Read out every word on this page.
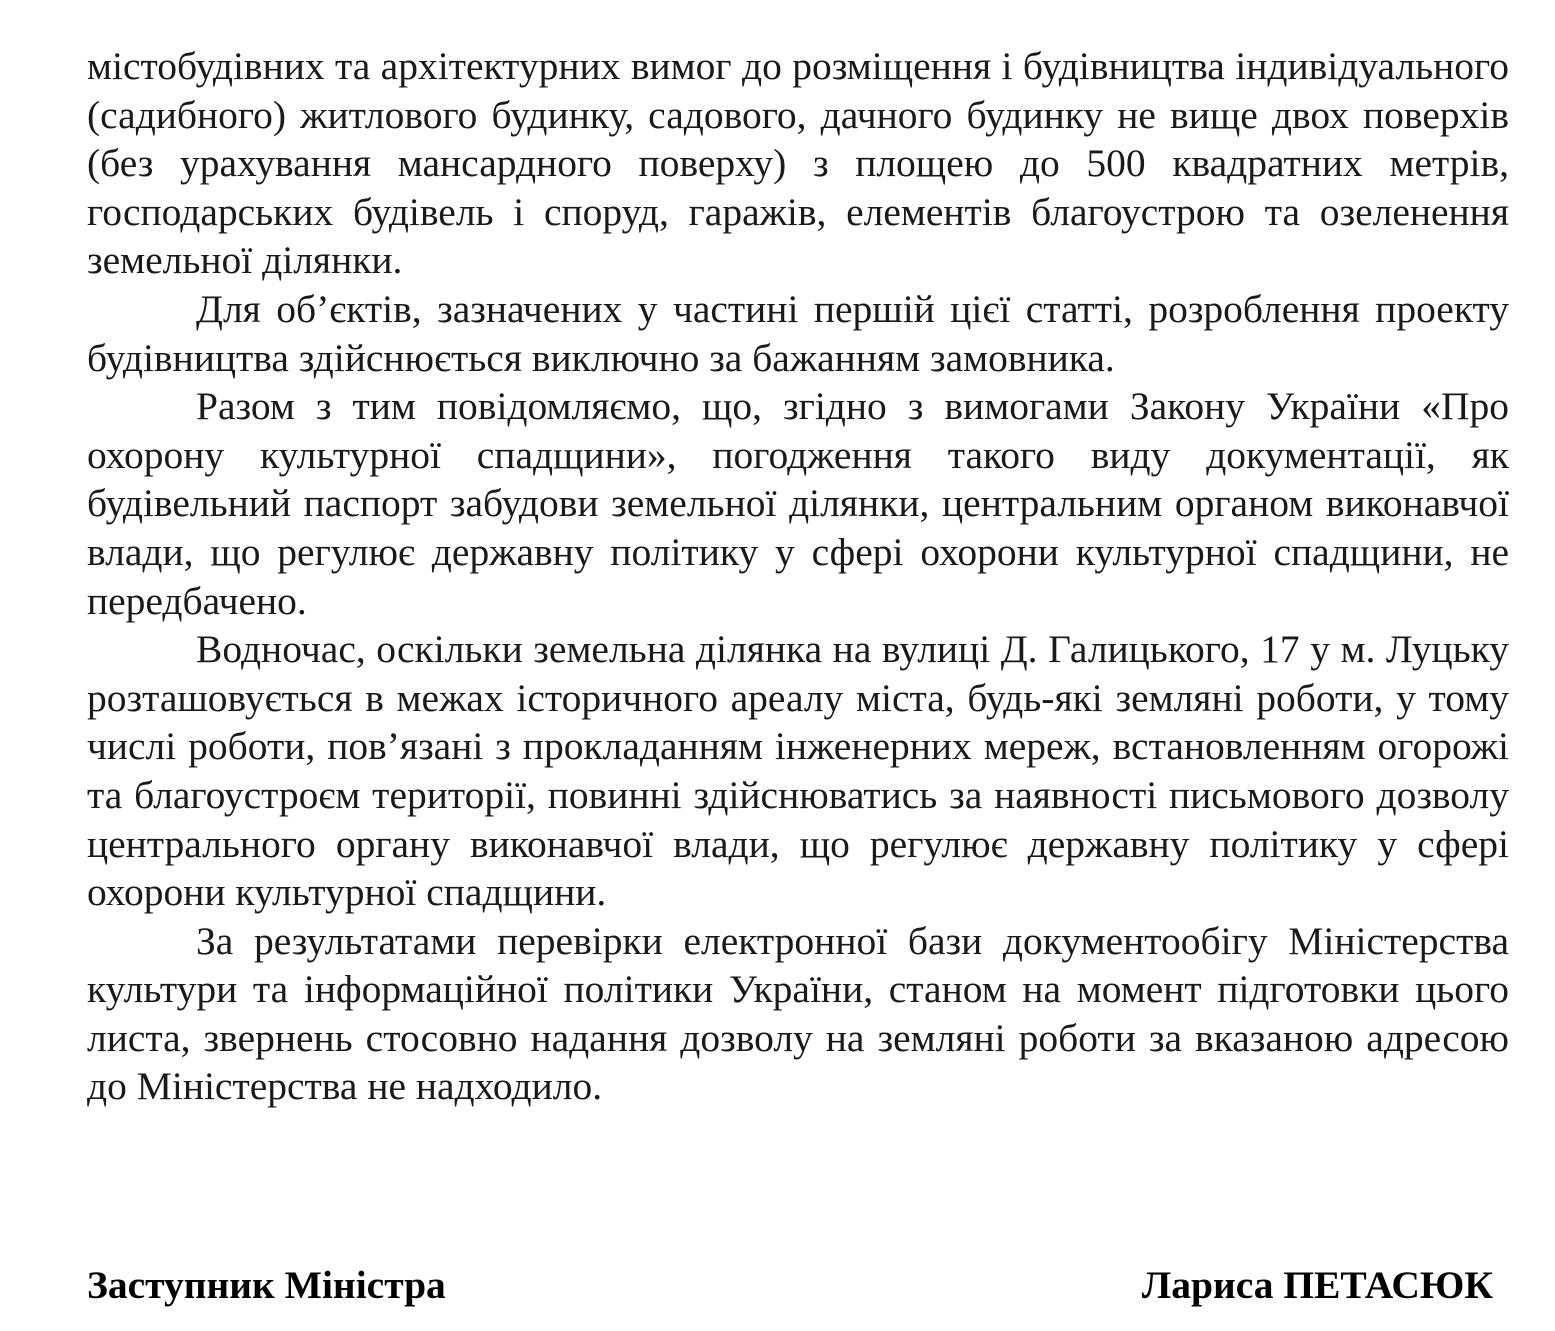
містобудівних та архітектурних вимог до розміщення і будівництва індивідуального (садибного) житлового будинку, садового, дачного будинку не вище двох поверхів (без урахування мансардного поверху) з площею до 500 квадратних метрів, господарських будівель і споруд, гаражів, елементів благоустрою та озеленення земельної ділянки.

Для об’єктів, зазначених у частині першій цієї статті, розроблення проекту будівництва здійснюється виключно за бажанням замовника.

Разом з тим повідомляємо, що, згідно з вимогами Закону України «Про охорону культурної спадщини», погодження такого виду документації, як будівельний паспорт забудови земельної ділянки, центральним органом виконавчої влади, що регулює державну політику у сфері охорони культурної спадщини, не передбачено.

Водночас, оскільки земельна ділянка на вулиці Д. Галицького, 17 у м. Луцьку розташовується в межах історичного ареалу міста, будь-які земляні роботи, у тому числі роботи, пов’язані з прокладанням інженерних мереж, встановленням огорожі та благоустроєм території, повинні здійснюватись за наявності письмового дозволу центрального органу виконавчої влади, що регулює державну політику у сфері охорони культурної спадщини.

За результатами перевірки електронної бази документообігу Міністерства культури та інформаційної політики України, станом на момент підготовки цього листа, звернень стосовно надання дозволу на земляні роботи за вказаною адресою до Міністерства не надходило.

Заступник Міністра	Лариса ПЕТАСЮК
